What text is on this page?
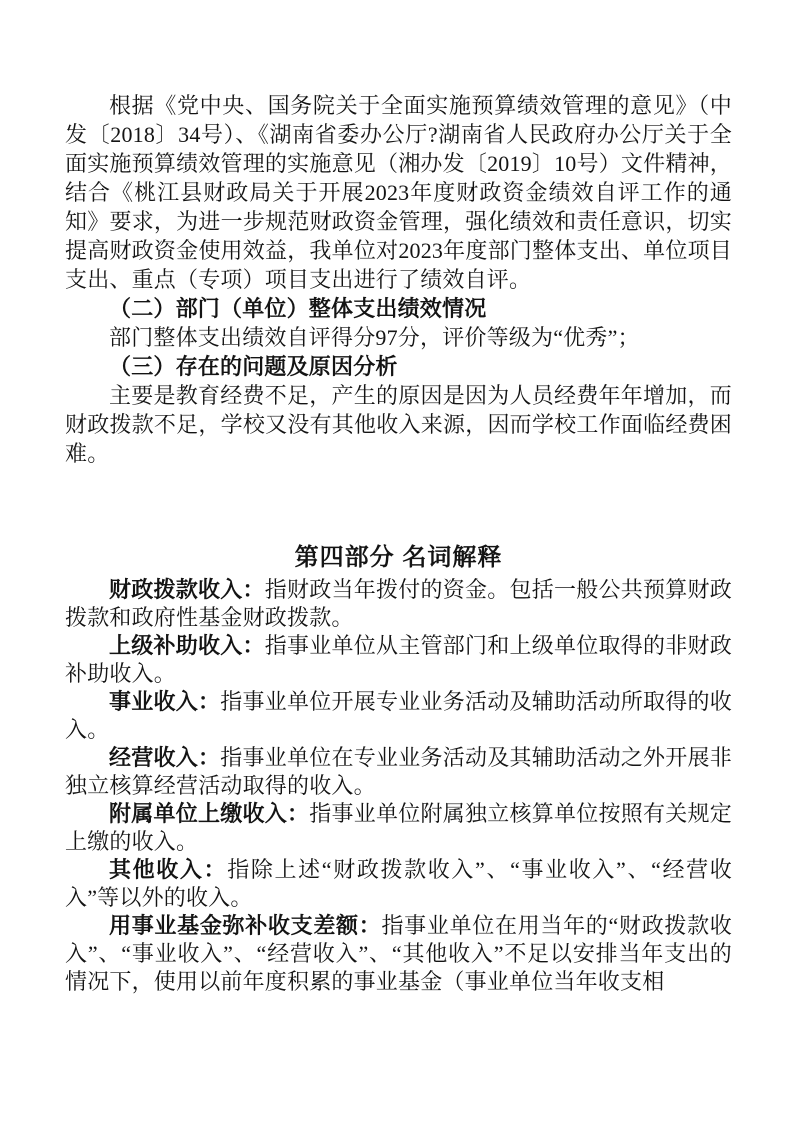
根据《党中央、国务院关于全面实施预算绩效管理的意见》（中发〔2018〕34号）、《湖南省委办公厅?湖南省人民政府办公厅关于全面实施预算绩效管理的实施意见（湘办发〔2019〕10号）文件精神，结合《桃江县财政局关于开展2023年度财政资金绩效自评工作的通知》要求，为进一步规范财政资金管理，强化绩效和责任意识，切实提高财政资金使用效益，我单位对2023年度部门整体支出、单位项目支出、重点（专项）项目支出进行了绩效自评。

（二）部门（单位）整体支出绩效情况

部门整体支出绩效自评得分97分，评价等级为“优秀”；

（三）存在的问题及原因分析

主要是教育经费不足，产生的原因是因为人员经费年年增加，而财政拨款不足，学校又没有其他收入来源，因而学校工作面临经费困难。

第四部分 名词解释

财政拨款收入：指财政当年拨付的资金。包括一般公共预算财政拨款和政府性基金财政拨款。

上级补助收入：指事业单位从主管部门和上级单位取得的非财政补助收入。

事业收入：指事业单位开展专业业务活动及辅助活动所取得的收入。

经营收入：指事业单位在专业业务活动及其辅助活动之外开展非独立核算经营活动取得的收入。

附属单位上缴收入：指事业单位附属独立核算单位按照有关规定上缴的收入。

其他收入：指除上述“财政拨款收入”、“事业收入”、“经营收入”等以外的收入。

用事业基金弥补收支差额：指事业单位在用当年的“财政拨款收入”、“事业收入”、“经营收入”、“其他收入”不足以安排当年支出的情况下，使用以前年度积累的事业基金（事业单位当年收支相
